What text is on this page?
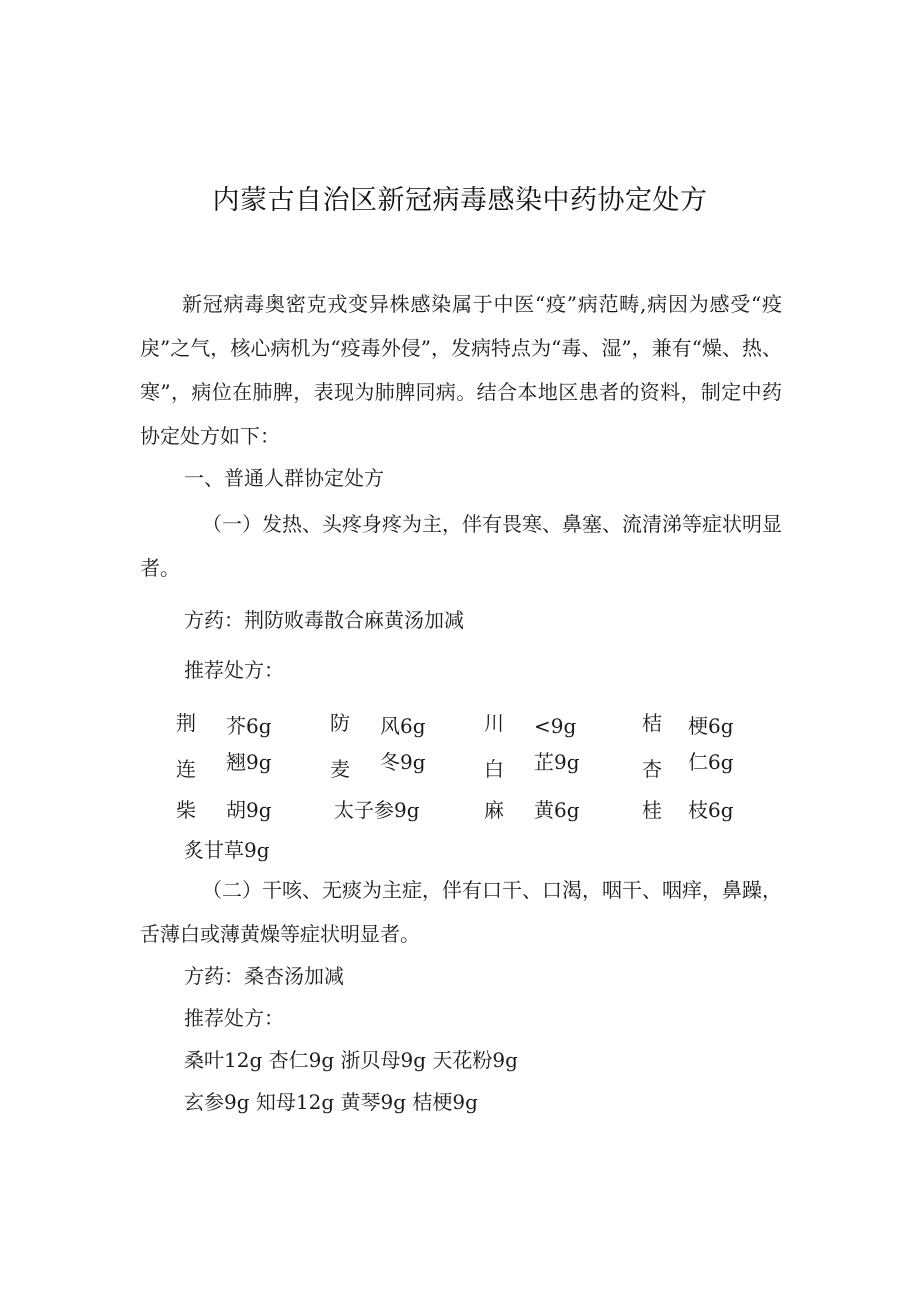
内蒙古自治区新冠病毒感染中药协定处方

新冠病毒奥密克戎变异株感染属于中医“疫”病范畴,病因为感受“疫戾”之气，核心病机为“疫毒外侵”，发病特点为“毒、湿”，兼有“燥、热、寒”，病位在肺脾，表现为肺脾同病。结合本地区患者的资料，制定中药协定处方如下：

一、普通人群协定处方

（一）发热、头疼身疼为主，伴有畏寒、鼻塞、流清涕等症状明显者。

方药：荆防败毒散合麻黄汤加减
推荐处方：
荆 芥6g	防 风6g	川 <9g	桔 梗6g
连 翘9g	麦 冬9g	白 芷9g	杏 仁6g
柴 胡9g	太子参9g	麻 黄6g	桂 枝6g
炙甘草9g

（二）干咳、无痰为主症，伴有口干、口渴，咽干、咽痒，鼻躁，舌薄白或薄黄燥等症状明显者。

方药：桑杏汤加减
推荐处方：
桑叶12g 杏仁9g 浙贝母9g 天花粉9g
玄参9g 知母12g 黄琴9g 桔梗9g
